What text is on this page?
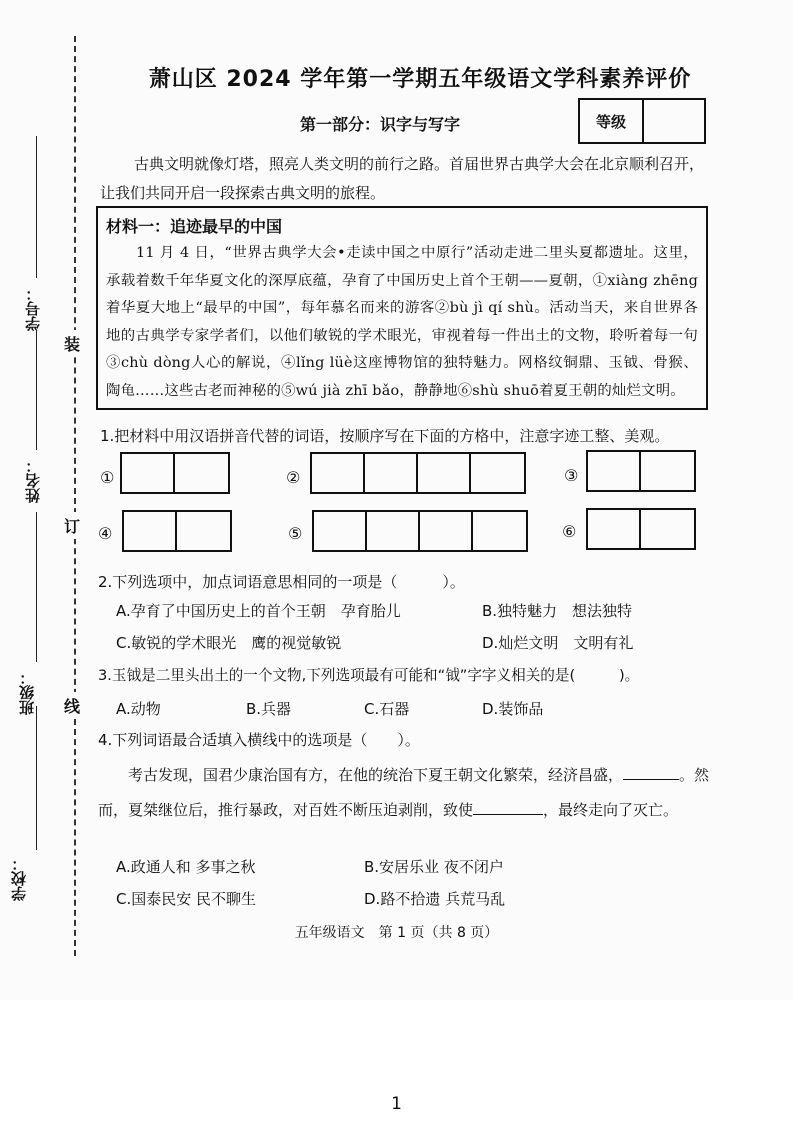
装
订
线
学号：
姓名：
班级：
学校：
萧山区 2024 学年第一学期五年级语文学科素养评价
第一部分：识字与写字	等级
古典文明就像灯塔，照亮人类文明的前行之路。首届世界古典学大会在北京顺利召开，让我们共同开启一段探索古典文明的旅程。
材料一：追迹最早的中国
11 月 4 日，“世界古典学大会•走读中国之中原行”活动走进二里头夏都遗址。这里，承载着数千年华夏文化的深厚底蕴，孕育了中国历史上首个王朝——夏朝，①xiàng zhēng着华夏大地上“最早的中国”，每年慕名而来的游客②bù jì qí shù。活动当天，来自世界各地的古典学专家学者们，以他们敏锐的学术眼光，审视着每一件出土的文物，聆听着每一句③chù dòng人心的解说，④lǐng lüè这座博物馆的独特魅力。网格纹铜鼎、玉钺、骨猴、陶龟……这些古老而神秘的⑤wú jià zhī bǎo，静静地⑥shù shuō着夏王朝的灿烂文明。
1.把材料中用汉语拼音代替的词语，按顺序写在下面的方格中，注意字迹工整、美观。
①	②	③
④	⑤	⑥
2.下列选项中，加点词语意思相同的一项是（　　　）。
A.孕育了中国历史上的首个王朝　孕育胎儿	B.独特魅力　想法独特
C.敏锐的学术眼光　鹰的视觉敏锐	D.灿烂文明　文明有礼
3.玉钺是二里头出土的一个文物,下列选项最有可能和“钺”字字义相关的是(　　　)。
A.动物	B.兵器	C.石器	D.装饰品
4.下列词语最合适填入横线中的选项是（　　）。
考古发现，国君少康治国有方，在他的统治下夏王朝文化繁荣，经济昌盛，	。然而，夏桀继位后，推行暴政，对百姓不断压迫剥削，致使	，最终走向了灭亡。
A.政通人和 多事之秋	B.安居乐业 夜不闭户
C.国泰民安 民不聊生	D.路不拾遗 兵荒马乱
五年级语文　第 1 页（共 8 页）
1
